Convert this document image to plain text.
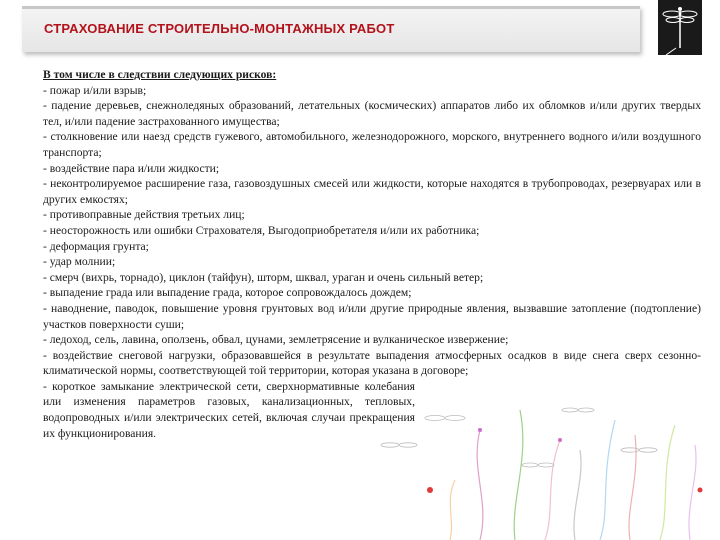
СТРАХОВАНИЕ СТРОИТЕЛЬНО-МОНТАЖНЫХ РАБОТ
В том числе в следствии следующих рисков:
- пожар и/или взрыв;
- падение деревьев, снежноледяных образований, летательных (космических) аппаратов либо их обломков и/или других твердых тел, и/или падение застрахованного имущества;
- столкновение или наезд средств гужевого, автомобильного, железнодорожного, морского, внутреннего водного и/или воздушного транспорта;
- воздействие пара и/или жидкости;
- неконтролируемое расширение газа, газовоздушных смесей или жидкости, которые находятся в трубопроводах, резервуарах или в других емкостях;
- противоправные действия третьих лиц;
- неосторожность или ошибки Страхователя, Выгодоприобретателя и/или их работника;
- деформация грунта;
- удар молнии;
- смерч (вихрь, торнадо), циклон (тайфун), шторм, шквал, ураган и очень сильный ветер;
- выпадение града или выпадение града, которое сопровождалось дождем;
- наводнение, паводок, повышение уровня грунтовых вод и/или другие природные явления, вызвавшие затопление (подтопление) участков поверхности суши;
- ледоход, сель, лавина, оползень, обвал, цунами, землетрясение и вулканическое извержение;
- воздействие снеговой нагрузки, образовавшейся в результате выпадения атмосферных осадков в виде снега сверх сезонно-климатической нормы, соответствующей той территории, которая указана в договоре;
- короткое замыкание электрической сети, сверхнормативные колебания или изменения параметров газовых, канализационных, тепловых, водопроводных и/или электрических сетей, включая случаи прекращения их функционирования.
